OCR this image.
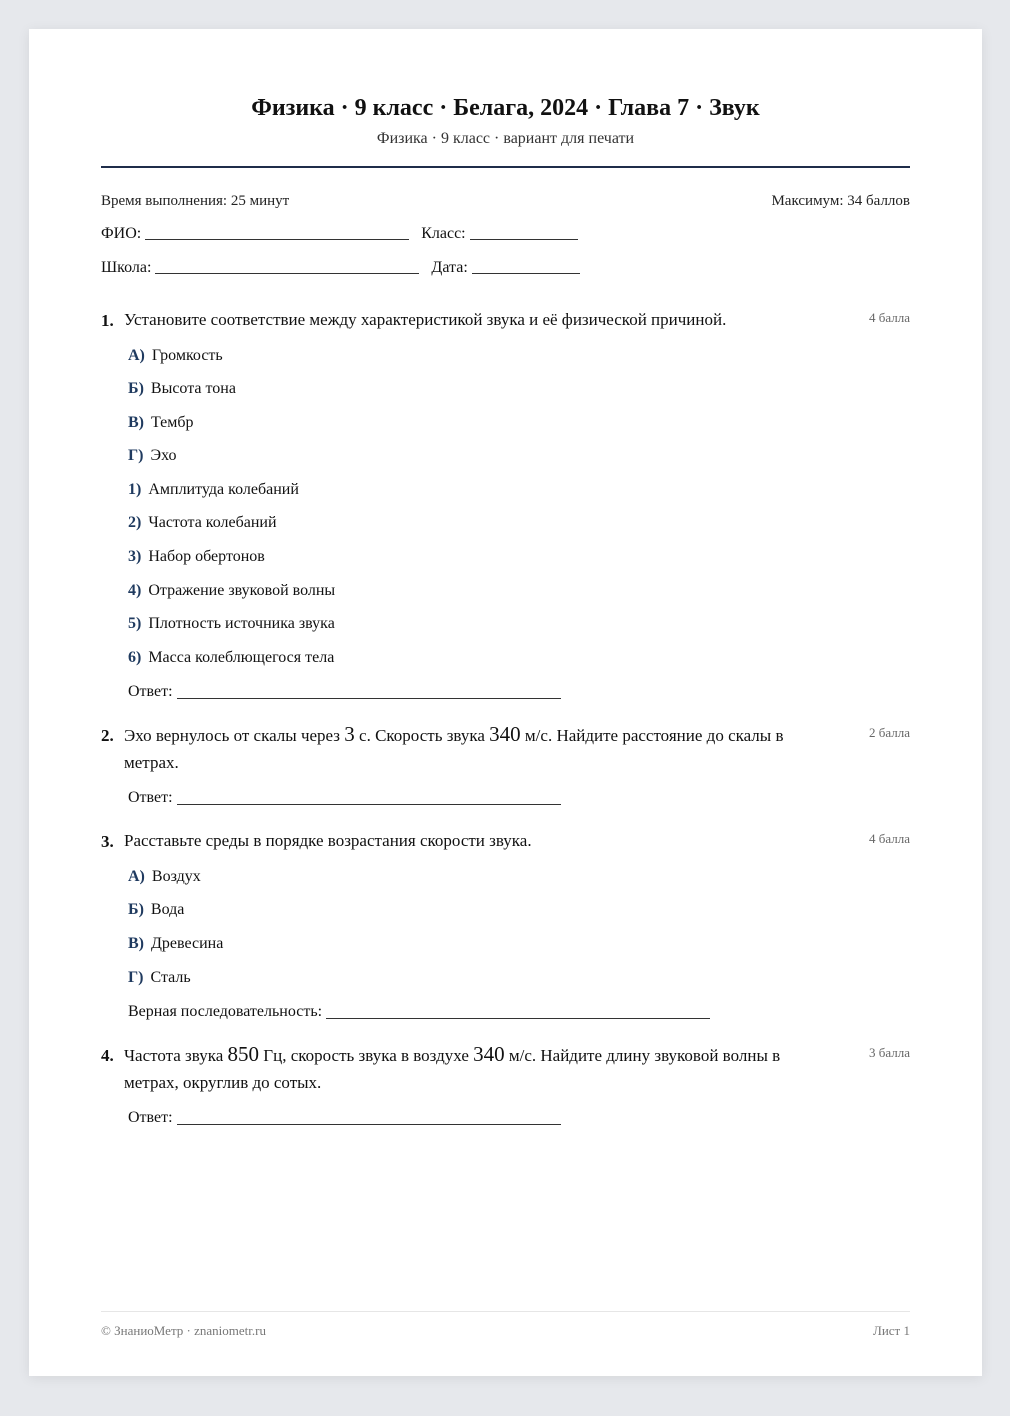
Физика · 9 класс · Белага, 2024 · Глава 7 · Звук
Физика · 9 класс · вариант для печати
Время выполнения: 25 минут	Максимум: 34 баллов
ФИО:	Класс:
Школа:	Дата:
1. Установите соответствие между характеристикой звука и её физической причиной.	4 балла
А) Громкость
Б) Высота тона
В) Тембр
Г) Эхо
1) Амплитуда колебаний
2) Частота колебаний
3) Набор обертонов
4) Отражение звуковой волны
5) Плотность источника звука
6) Масса колеблющегося тела
Ответ:
2. Эхо вернулось от скалы через 3 с. Скорость звука 340 м/с. Найдите расстояние до скалы в метрах.
2 балла
Ответ:
3. Расставьте среды в порядке возрастания скорости звука.	4 балла
А) Воздух
Б) Вода
В) Древесина
Г) Сталь
Верная последовательность:
4. Частота звука 850 Гц, скорость звука в воздухе 340 м/с. Найдите длину звуковой волны в метрах, округлив до сотых.
3 балла
Ответ:
© ЗнаниоМетр · znaniometr.ru	Лист 1
